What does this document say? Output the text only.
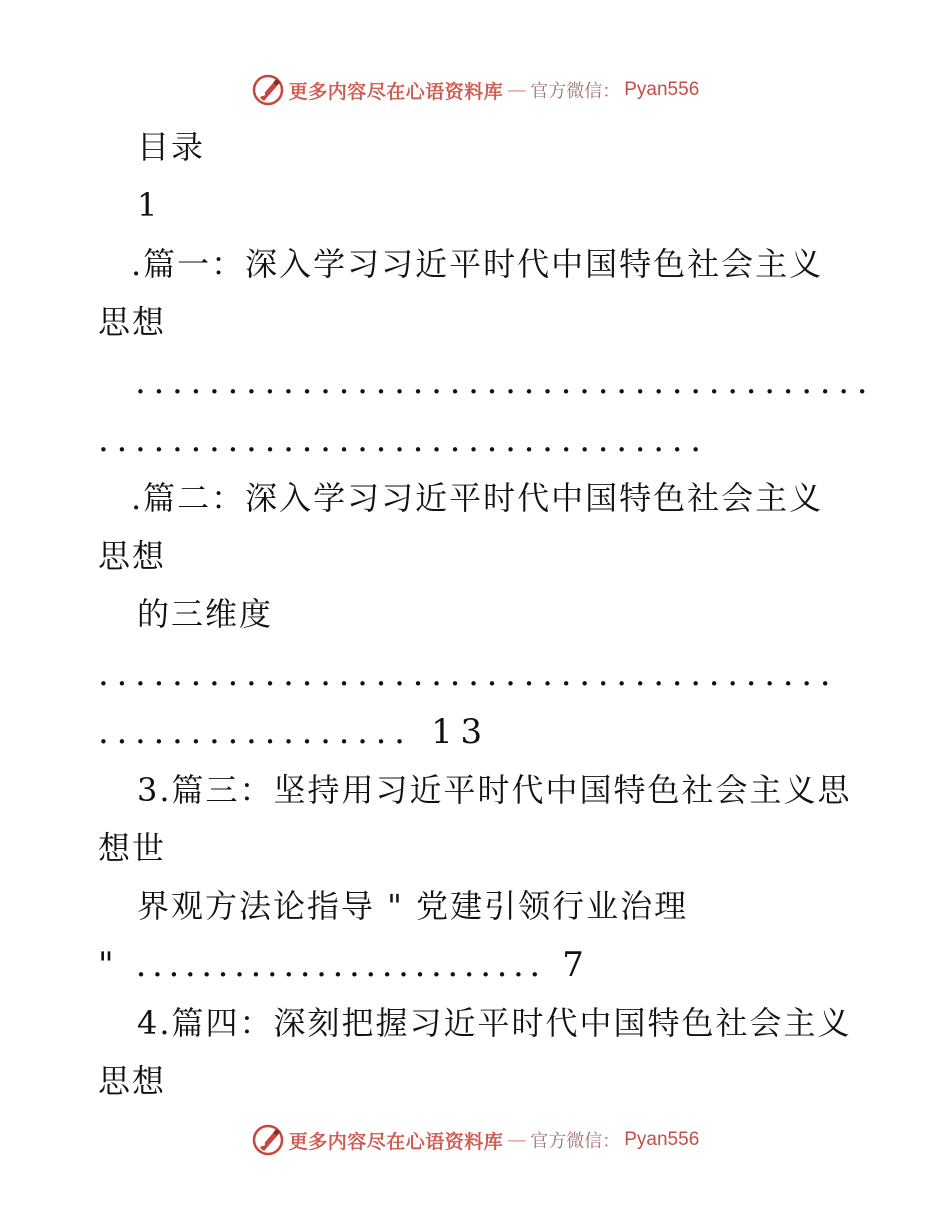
更多内容尽在心语资料库 — 官方微信： Pyan556
目录
1
.篇一：深入学习习近平时代中国特色社会主义
思想
........................................
.................................
.篇二：深入学习习近平时代中国特色社会主义
思想
的三维度
........................................
................. 13
3.篇三：坚持用习近平时代中国特色社会主义思
想世
界观方法论指导 " 党建引领行业治理
" ......................... 7
4.篇四：深刻把握习近平时代中国特色社会主义
思想
更多内容尽在心语资料库 — 官方微信： Pyan556
